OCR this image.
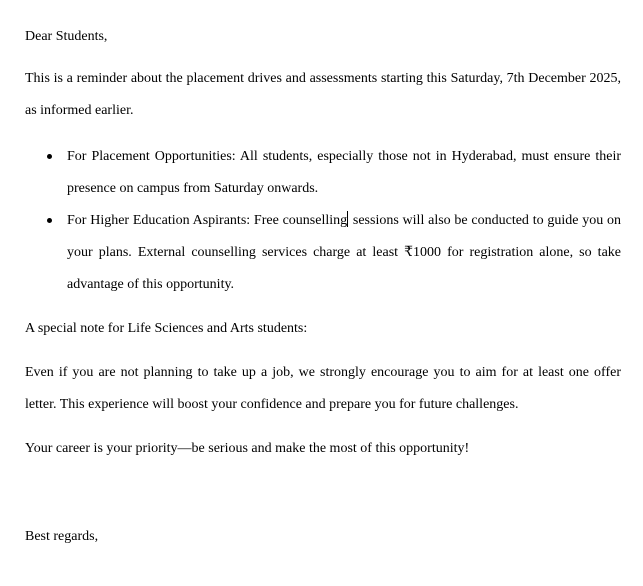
Dear Students,

This is a reminder about the placement drives and assessments starting this Saturday, 7th December 2025, as informed earlier.

For Placement Opportunities: All students, especially those not in Hyderabad, must ensure their presence on campus from Saturday onwards.
For Higher Education Aspirants: Free counselling sessions will also be conducted to guide you on your plans. External counselling services charge at least ₹1000 for registration alone, so take advantage of this opportunity.

A special note for Life Sciences and Arts students:

Even if you are not planning to take up a job, we strongly encourage you to aim for at least one offer letter. This experience will boost your confidence and prepare you for future challenges.

Your career is your priority—be serious and make the most of this opportunity!

Best regards,
